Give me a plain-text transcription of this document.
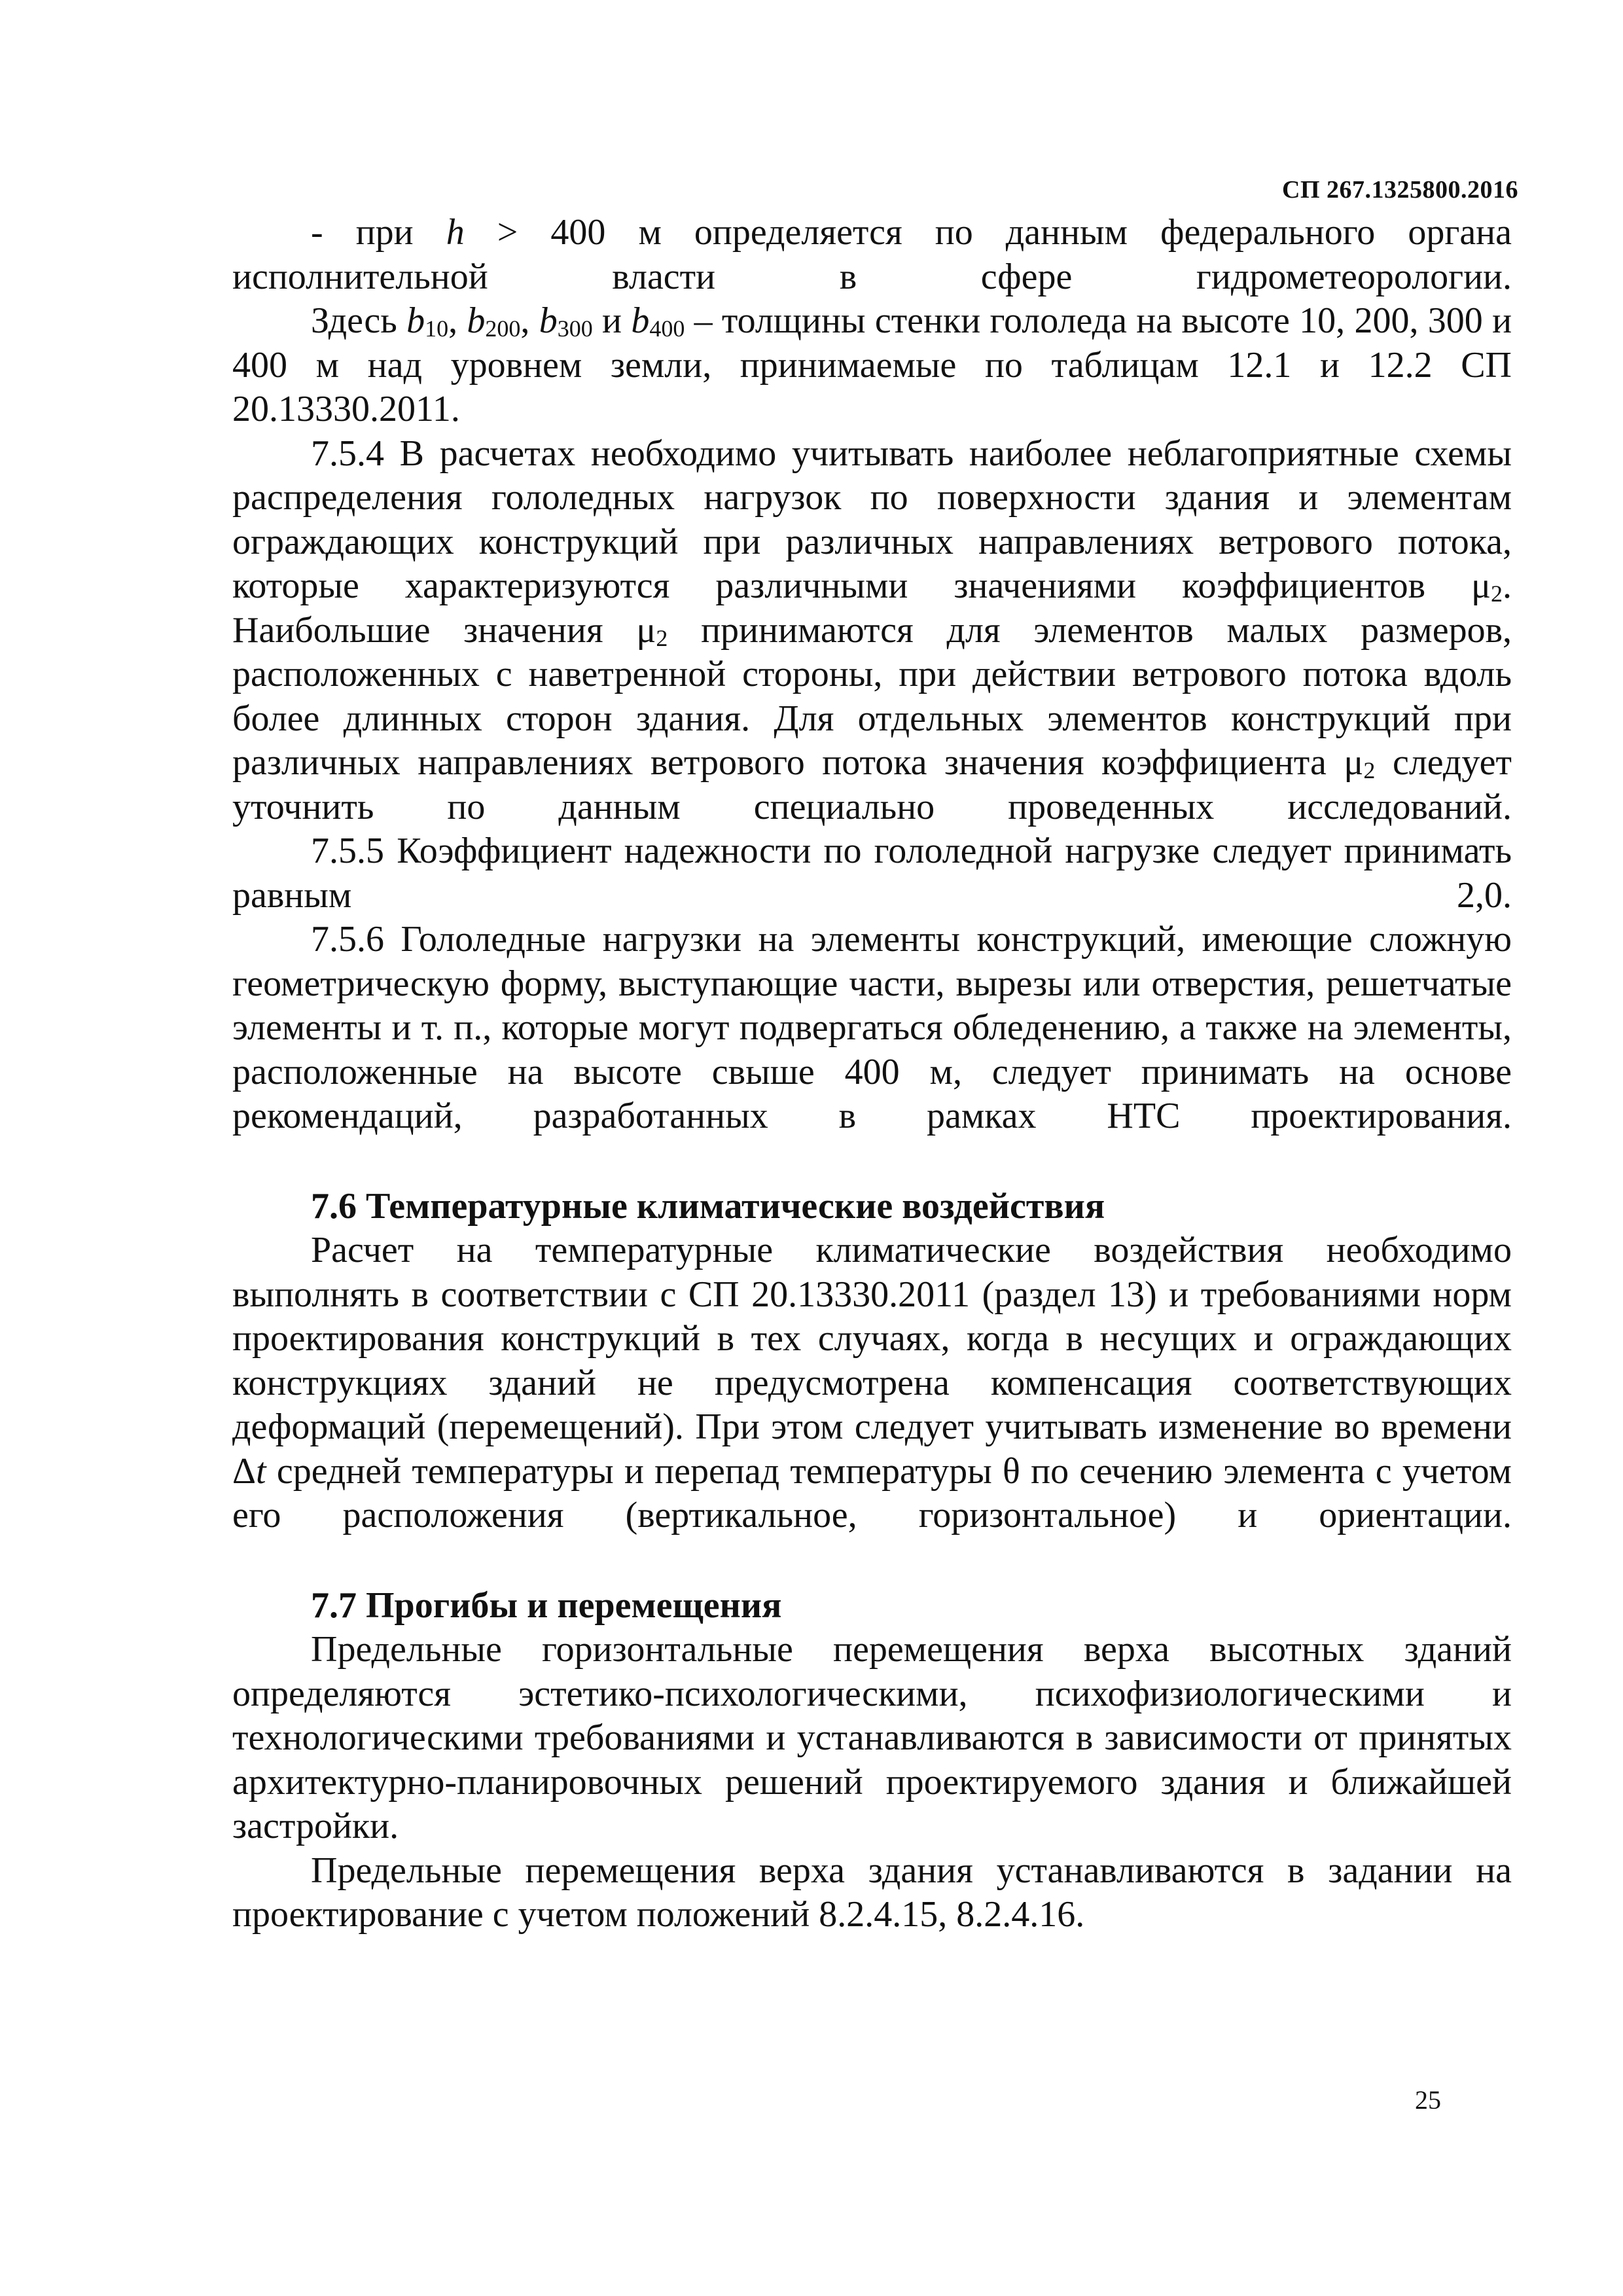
СП 267.1325800.2016

- при h > 400 м определяется по данным федерального органа исполнительной власти в сфере гидрометеорологии.

Здесь $b_{10}$, $b_{200}$, $b_{300}$ и $b_{400}$ – толщины стенки гололеда на высоте 10, 200, 300 и 400 м над уровнем земли, принимаемые по таблицам 12.1 и 12.2 СП 20.13330.2011.

7.5.4 В расчетах необходимо учитывать наиболее неблагоприятные схемы распределения гололедных нагрузок по поверхности здания и элементам ограждающих конструкций при различных направлениях ветрового потока, которые характеризуются различными значениями коэффициентов $\mu_2$. Наибольшие значения $\mu_2$ принимаются для элементов малых размеров, расположенных с наветренной стороны, при действии ветрового потока вдоль более длинных сторон здания. Для отдельных элементов конструкций при различных направлениях ветрового потока значения коэффициента $\mu_2$ следует уточнить по данным специально проведенных исследований.

7.5.5 Коэффициент надежности по гололедной нагрузке следует принимать равным 2,0.

7.5.6 Гололедные нагрузки на элементы конструкций, имеющие сложную геометрическую форму, выступающие части, вырезы или отверстия, решетчатые элементы и т. п., которые могут подвергаться обледенению, а также на элементы, расположенные на высоте свыше 400 м, следует принимать на основе рекомендаций, разработанных в рамках НТС проектирования.

7.6 Температурные климатические воздействия

Расчет на температурные климатические воздействия необходимо выполнять в соответствии с СП 20.13330.2011 (раздел 13) и требованиями норм проектирования конструкций в тех случаях, когда в несущих и ограждающих конструкциях зданий не предусмотрена компенсация соответствующих деформаций (перемещений). При этом следует учитывать изменение во времени Δt средней температуры и перепад температуры θ по сечению элемента с учетом его расположения (вертикальное, горизонтальное) и ориентации.

7.7 Прогибы и перемещения

Предельные горизонтальные перемещения верха высотных зданий определяются эстетико-психологическими, психофизиологическими и технологическими требованиями и устанавливаются в зависимости от принятых архитектурно-планировочных решений проектируемого здания и ближайшей застройки.

Предельные перемещения верха здания устанавливаются в задании на проектирование с учетом положений 8.2.4.15, 8.2.4.16.

25
